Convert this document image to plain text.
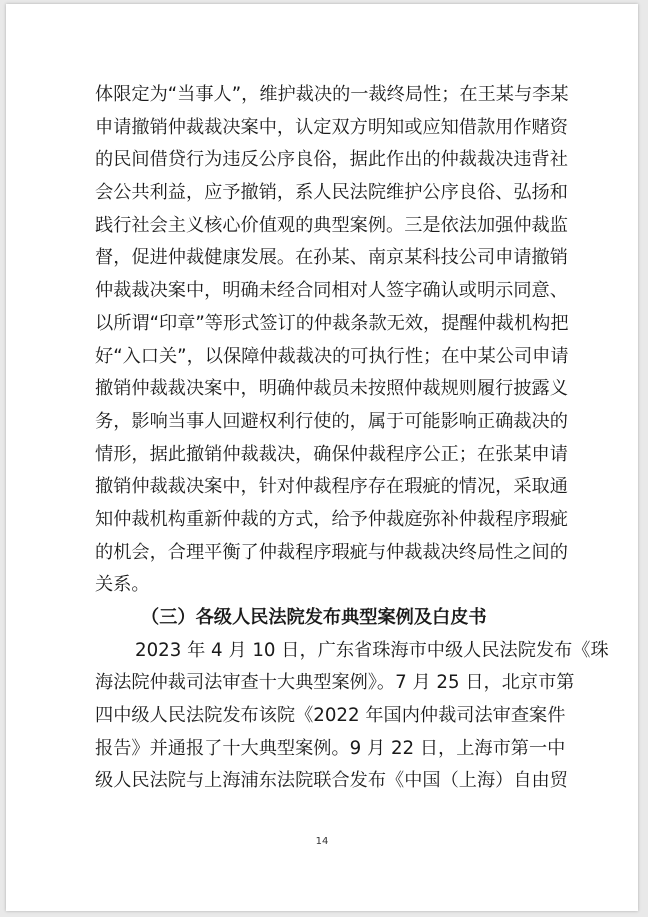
体限定为“当事人”，维护裁决的一裁终局性；在王某与李某
申请撤销仲裁裁决案中，认定双方明知或应知借款用作赌资
的民间借贷行为违反公序良俗，据此作出的仲裁裁决违背社
会公共利益，应予撤销，系人民法院维护公序良俗、弘扬和
践行社会主义核心价值观的典型案例。三是依法加强仲裁监
督，促进仲裁健康发展。在孙某、南京某科技公司申请撤销
仲裁裁决案中，明确未经合同相对人签字确认或明示同意、
以所谓“印章”等形式签订的仲裁条款无效，提醒仲裁机构把
好“入口关”，以保障仲裁裁决的可执行性；在中某公司申请
撤销仲裁裁决案中，明确仲裁员未按照仲裁规则履行披露义
务，影响当事人回避权利行使的，属于可能影响正确裁决的
情形，据此撤销仲裁裁决，确保仲裁程序公正；在张某申请
撤销仲裁裁决案中，针对仲裁程序存在瑕疵的情况，采取通
知仲裁机构重新仲裁的方式，给予仲裁庭弥补仲裁程序瑕疵
的机会，合理平衡了仲裁程序瑕疵与仲裁裁决终局性之间的
关系。
（三）各级人民法院发布典型案例及白皮书
2023 年 4 月 10 日，广东省珠海市中级人民法院发布《珠
海法院仲裁司法审查十大典型案例》。7 月 25 日，北京市第
四中级人民法院发布该院《2022 年国内仲裁司法审查案件
报告》并通报了十大典型案例。9 月 22 日，上海市第一中
级人民法院与上海浦东法院联合发布《中国（上海）自由贸
14
